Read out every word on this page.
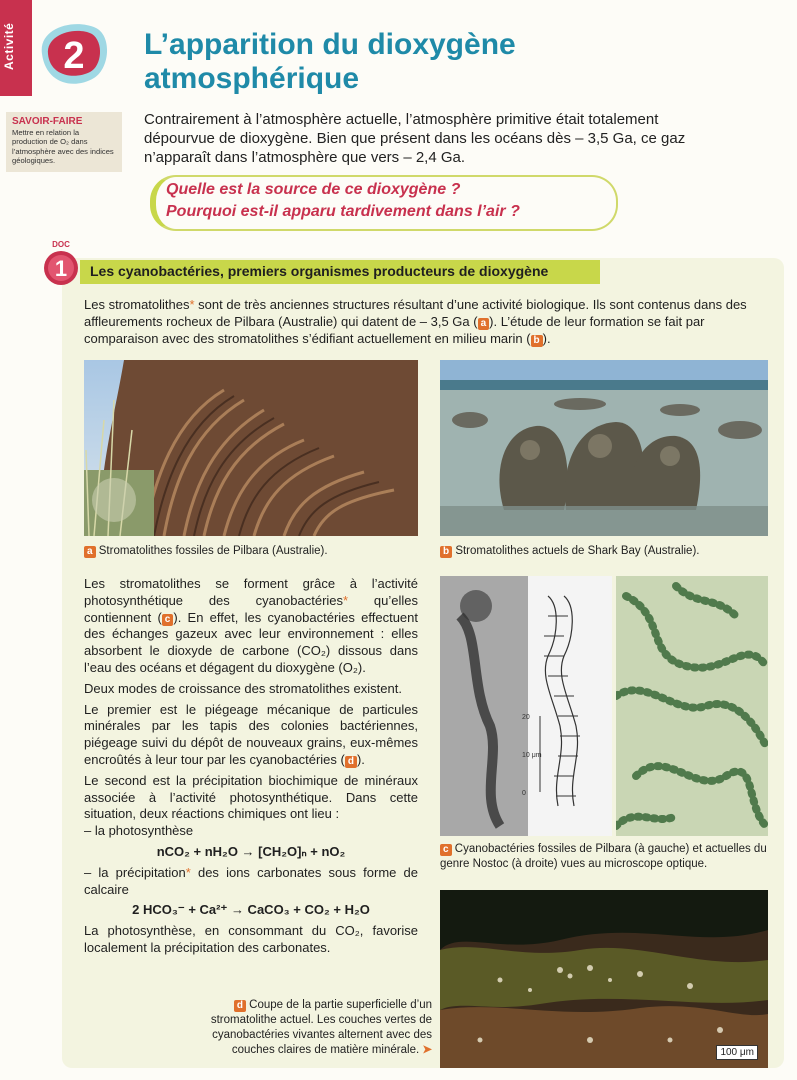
Activité 2 L’apparition du dioxygène
atmosphérique
SAVOIR-FAIRE

Mettre en relation la production de O₂ dans l’atmosphère avec des indices géologiques.

Contrairement à l’atmosphère actuelle, l’atmosphère primitive était totalement dépourvue de dioxygène. Bien que présent dans les océans dès – 3,5 Ga, ce gaz n’apparaît dans l’atmosphère que vers – 2,4 Ga.
Quelle est la source de ce dioxygène ?
Pourquoi est-il apparu tardivement dans l’air ?
Les cyanobactéries, premiers organismes producteurs de dioxygène
DOC
1
Les stromatolithes* sont de très anciennes structures résultant d’une activité biologique. Ils sont contenus dans des affleurements rocheux de Pilbara (Australie) qui datent de – 3,5 Ga ( a ). L’étude de leur formation se fait par comparaison avec des stromatolithes s’édifiant actuellement en milieu marin ( b ).
a Stromatolithes fossiles de Pilbara (Australie).	b Stromatolithes actuels de Shark Bay (Australie).

Les stromatolithes se forment grâce à l’activité photosynthétique des cyanobactéries* qu’elles contiennent ( c ). En effet, les cyanobactéries effectuent des échanges gazeux avec leur environnement : elles absorbent le dioxyde de carbone (CO₂) dissous dans l’eau des océans et dégagent du dioxygène (O₂).

Deux modes de croissance des stromatolithes existent.

Le premier est le piégeage mécanique de particules minérales par les tapis des colonies bactériennes, piégeage suivi du dépôt de nouveaux grains, eux-mêmes encroûtés à leur tour par les cyanobactéries ( d ).

Le second est la précipitation biochimique de minéraux associée à l’activité photosynthétique. Dans cette situation, deux réactions chimiques ont lieu :

– la photosynthèse

nCO₂ + nH₂O → [CH₂O]ₙ + nO₂

– la précipitation* des ions carbonates sous forme de calcaire

2 HCO₃⁻ + Ca²⁺ → CaCO₃ + CO₂ + H₂O

La photosynthèse, en consommant du CO₂, favorise localement la précipitation des carbonates.

20
10 μm
0
c Cyanobactéries fossiles de Pilbara (à gauche) et actuelles du genre Nostoc (à droite) vues au microscope optique.
100 μm
d Coupe de la partie superficielle d’un stromatolithe actuel. Les couches vertes de cyanobactéries vivantes alternent avec des couches claires de matière minérale. ➤
